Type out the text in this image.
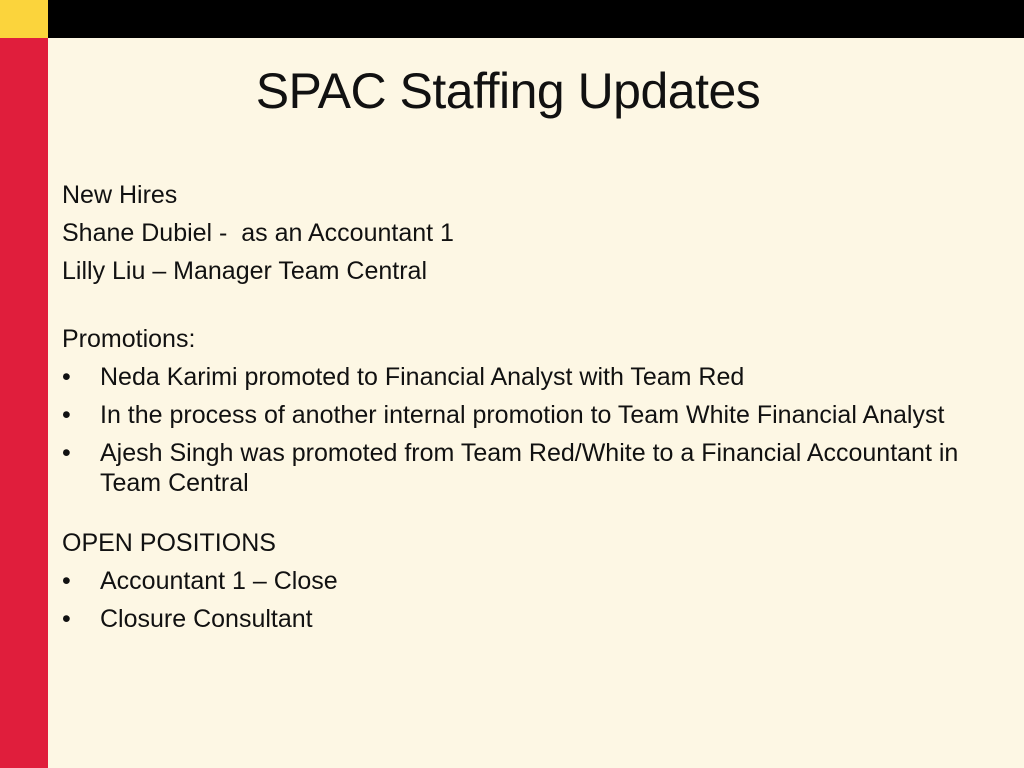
SPAC Staffing Updates
New Hires
Shane Dubiel -  as an Accountant 1
Lilly Liu – Manager Team Central
Promotions:
•	Neda Karimi promoted to Financial Analyst with Team Red
•	In the process of another internal promotion to Team White Financial Analyst
•	Ajesh Singh was promoted from Team Red/White to a Financial Accountant in Team Central
OPEN POSITIONS
•	Accountant 1 – Close
•	Closure Consultant
